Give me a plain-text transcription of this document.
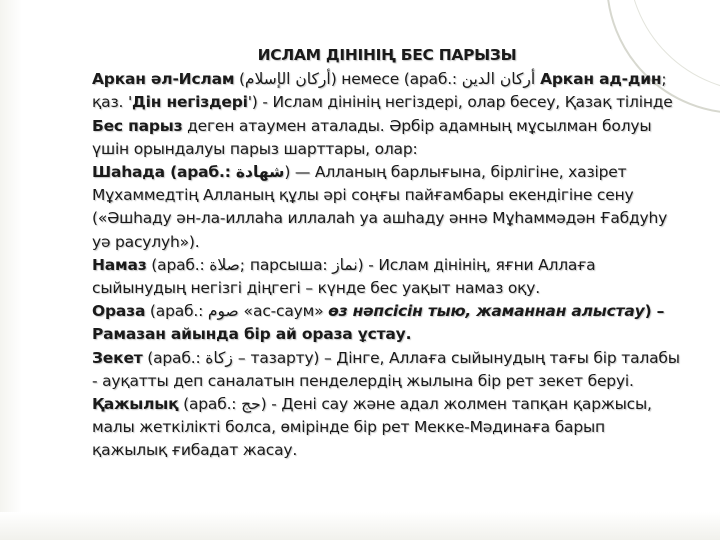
ИСЛАМ ДІНІНІҢ БЕС ПАРЫЗЫ

Аркан әл-Ислам (أركان الإسلام) немесе (араб.: أركان الدين Аркан ад-дин; қаз. 'Дін негіздері') - Ислам дінінің негіздері, олар бесеу, Қазақ тілінде Бес парыз деген атаумен аталады. Әрбір адамның мұсылман болуы үшін орындалуы парыз шарттары, олар:

Шаһада (араб.: شهادة) — Алланың барлығына, бірлігіне, хазірет Мұхаммедтің Алланың құлы әрі соңғы пайғамбары екендігіне сену («Әшһаду ән-ла-иллаһа иллалаһ уа ашһаду әннә Мұһаммәдән Ғабдуһу уә расулуһ»).

Намаз (араб.: صلاة; парсыша: نماز) - Ислам дінінің, яғни Аллаға сыйынудың негізгі діңгегі – күнде бес уақыт намаз оқу.

Ораза (араб.: صوم «ас-саум» өз нәпсісін тыю, жаманнан алыстау) – Рамазан айында бір ай ораза ұстау.

Зекет (араб.: زكاة – тазарту) – Дінге, Аллаға сыйынудың тағы бір талабы - ауқатты деп саналатын пенделердің жылына бір рет зекет беруі.

Қажылық (араб.: حج) - Дені сау және адал жолмен тапқан қаржысы, малы жеткілікті болса, өмірінде бір рет Мекке-Мәдинаға барып қажылық ғибадат жасау.
